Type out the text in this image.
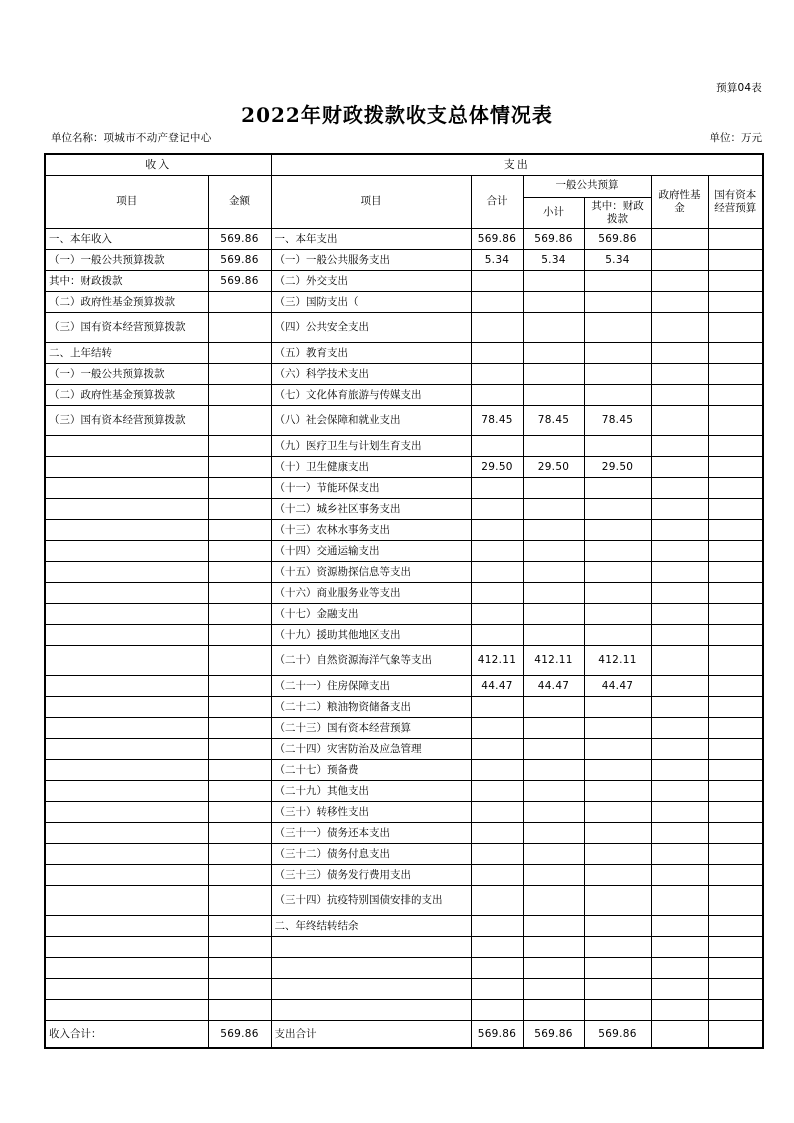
预算04表
2022年财政拨款收支总体情况表
单位名称：项城市不动产登记中心	单位：万元
收入		支出					
项目	金额	项目	合计	一般公共预算		政府性基金	国有资本经营预算
				小计	其中：财政拨款		
一、本年收入	569.86	一、本年支出	569.86	569.86	569.86		
（一）一般公共预算拨款	569.86	（一）一般公共服务支出	5.34	5.34	5.34		
其中：财政拨款	569.86	（二）外交支出					
（二）政府性基金预算拨款		（三）国防支出（					
（三）国有资本经营预算拨款		（四）公共安全支出					
二、上年结转		（五）教育支出					
（一）一般公共预算拨款		（六）科学技术支出					
（二）政府性基金预算拨款		（七）文化体育旅游与传媒支出					
（三）国有资本经营预算拨款		（八）社会保障和就业支出	78.45	78.45	78.45		
		（九）医疗卫生与计划生育支出					
		（十）卫生健康支出	29.50	29.50	29.50		
		（十一）节能环保支出					
		（十二）城乡社区事务支出					
		（十三）农林水事务支出					
		（十四）交通运输支出					
		（十五）资源勘探信息等支出					
		（十六）商业服务业等支出					
		（十七）金融支出					
		（十九）援助其他地区支出					
		（二十）自然资源海洋气象等支出	412.11	412.11	412.11		
		（二十一）住房保障支出	44.47	44.47	44.47		
		（二十二）粮油物资储备支出					
		（二十三）国有资本经营预算					
		（二十四）灾害防治及应急管理					
		（二十七）预备费					
		（二十九）其他支出					
		（三十）转移性支出					
		（三十一）债务还本支出					
		（三十二）债务付息支出					
		（三十三）债务发行费用支出					
		（三十四）抗疫特别国债安排的支出					
		二、年终结转结余					

收入合计：	569.86	支出合计	569.86	569.86	569.86		
